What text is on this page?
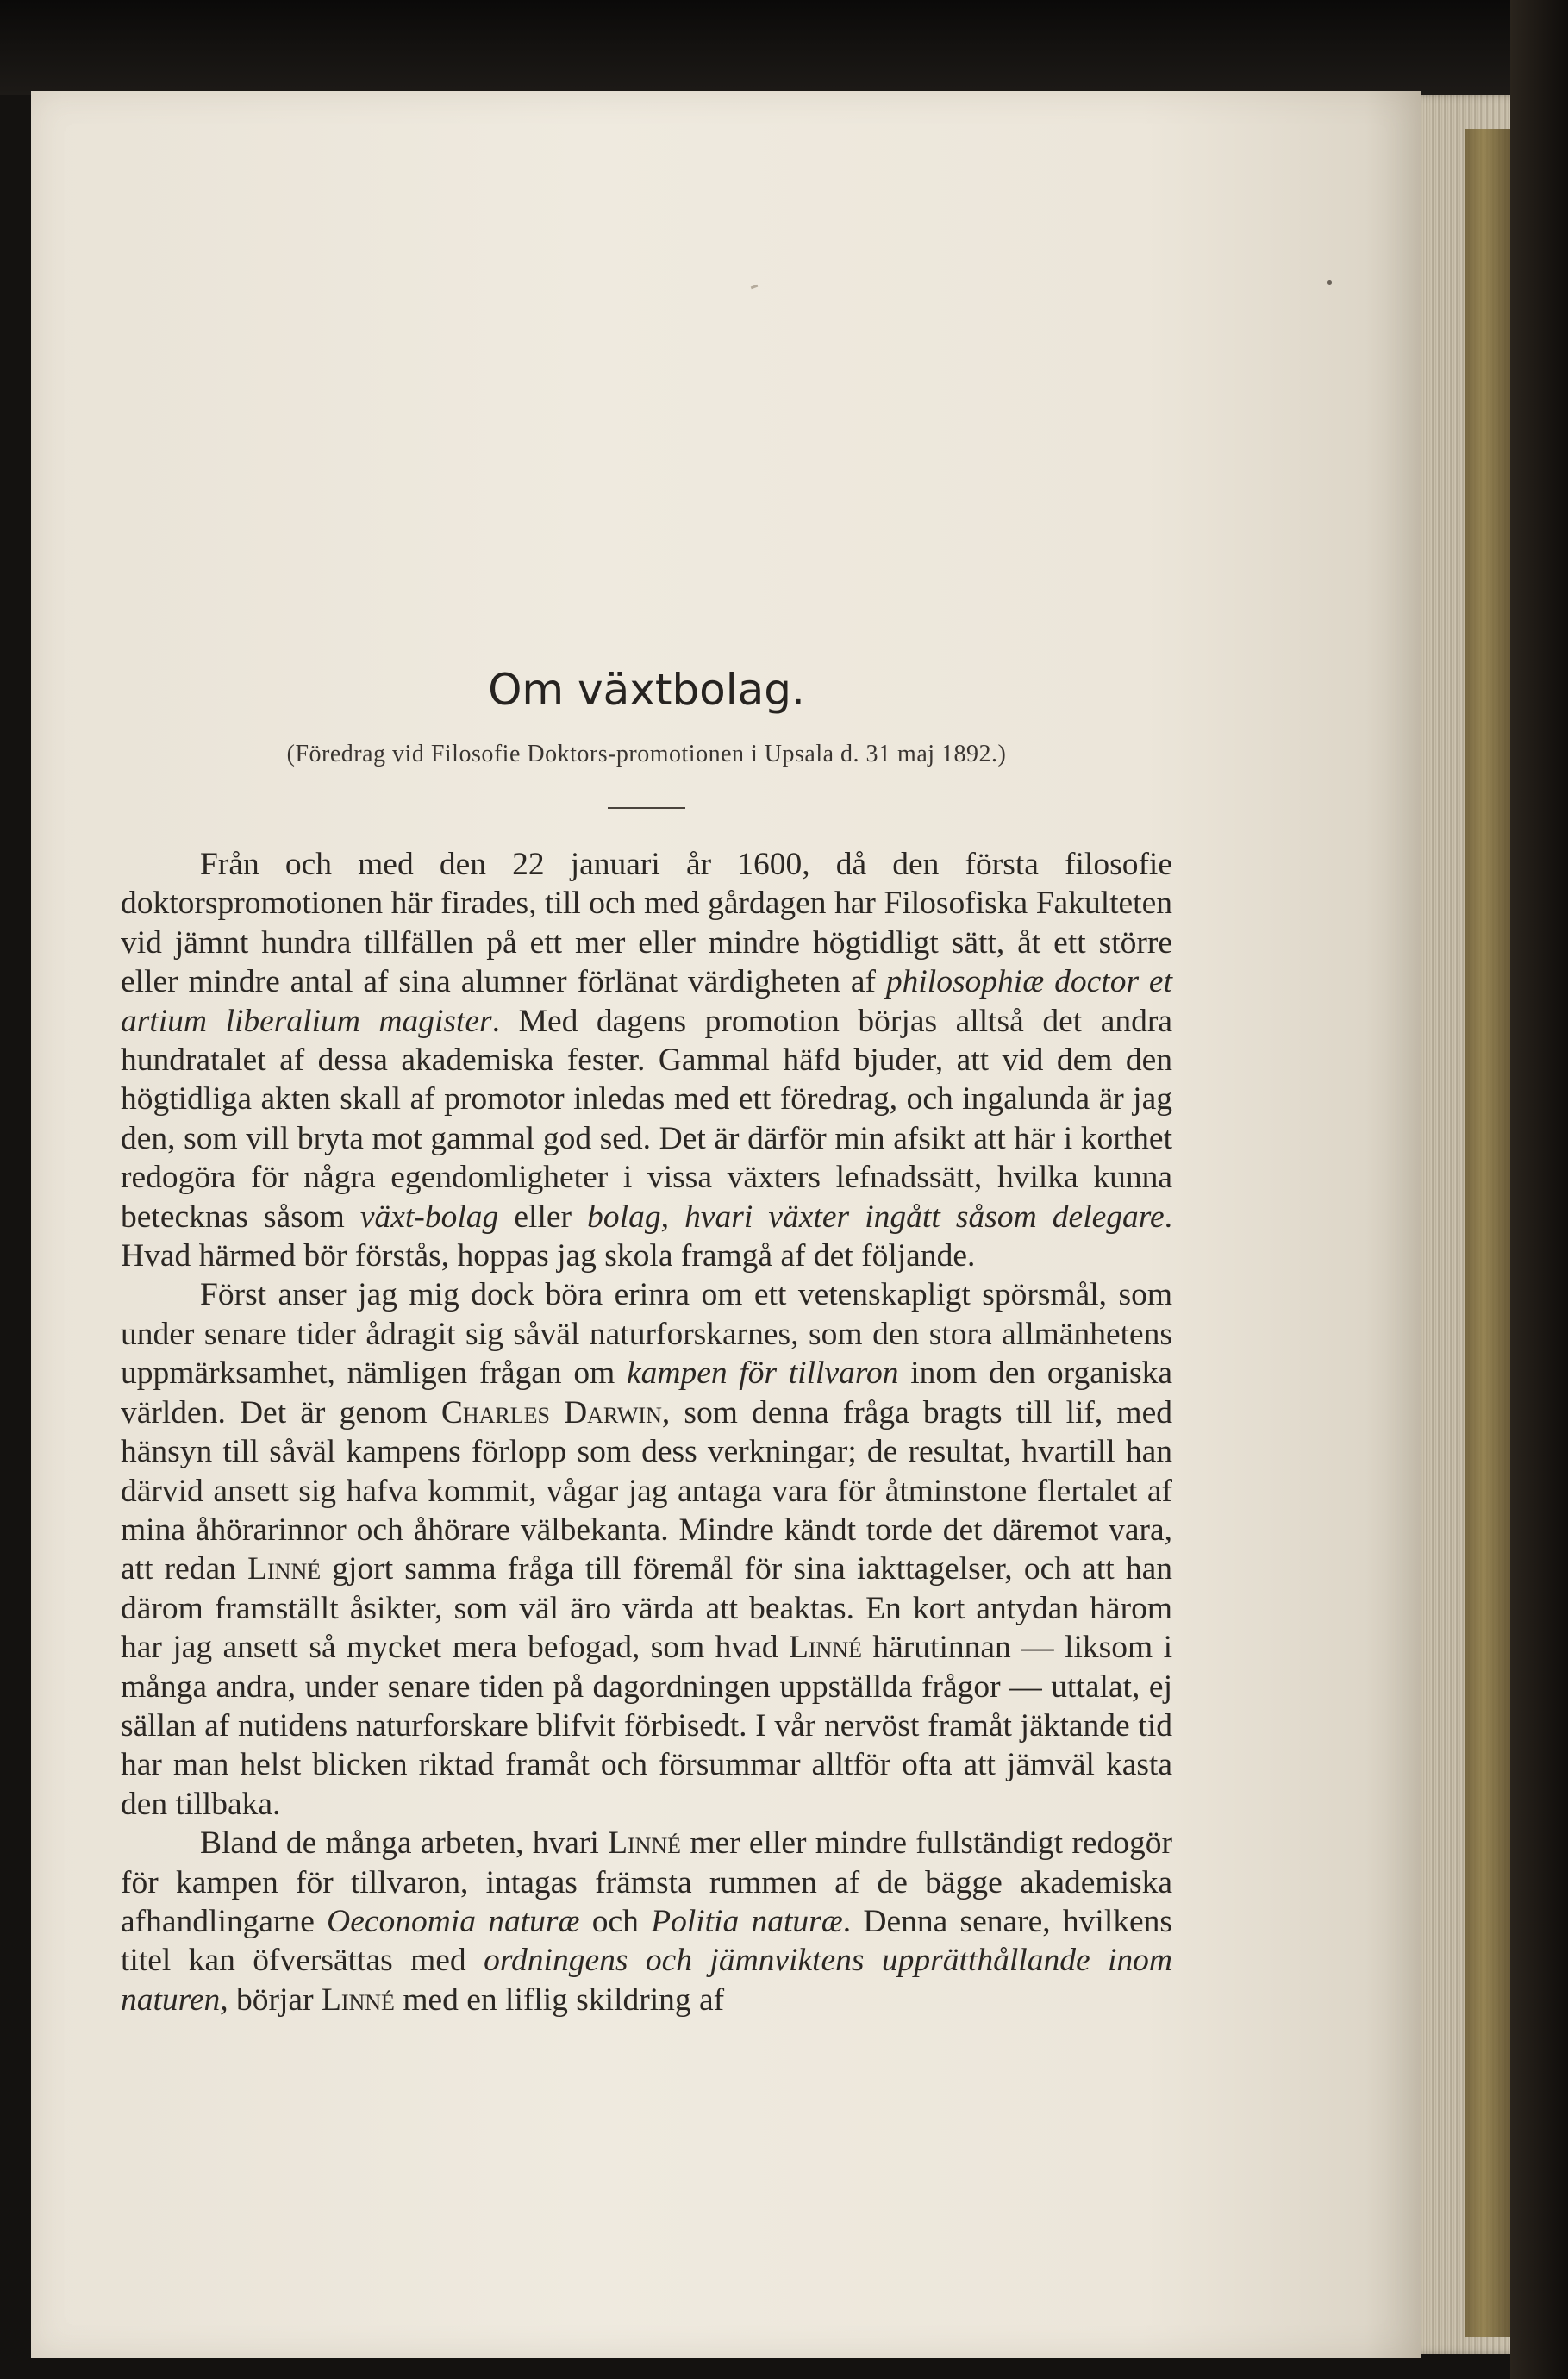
Om växtbolag.
(Föredrag vid Filosofie Doktors-promotionen i Upsala d. 31 maj 1892.)

Från och med den 22 januari år 1600, då den första filosofie doktorspromotionen här firades, till och med gårdagen har Filosofiska Fakulteten vid jämnt hundra tillfällen på ett mer eller mindre högtidligt sätt, åt ett större eller mindre antal af sina alumner förlänat värdigheten af philosophiæ doctor et artium liberalium magister. Med dagens promotion börjas alltså det andra hundratalet af dessa akademiska fester. Gammal häfd bjuder, att vid dem den högtidliga akten skall af promotor inledas med ett föredrag, och ingalunda är jag den, som vill bryta mot gammal god sed. Det är därför min afsikt att här i korthet redogöra för några egendomligheter i vissa växters lefnadssätt, hvilka kunna betecknas såsom växt-bolag eller bolag, hvari växter ingått såsom delegare. Hvad härmed bör förstås, hoppas jag skola framgå af det följande.

Först anser jag mig dock böra erinra om ett vetenskapligt spörsmål, som under senare tider ådragit sig såväl naturforskarnes, som den stora allmänhetens uppmärksamhet, nämligen frågan om kampen för tillvaron inom den organiska världen. Det är genom Charles Darwin, som denna fråga bragts till lif, med hänsyn till såväl kampens förlopp som dess verkningar; de resultat, hvartill han därvid ansett sig hafva kommit, vågar jag antaga vara för åtminstone flertalet af mina åhörarinnor och åhörare välbekanta. Mindre kändt torde det däremot vara, att redan Linné gjort samma fråga till föremål för sina iakttagelser, och att han därom framställt åsikter, som väl äro värda att beaktas. En kort antydan härom har jag ansett så mycket mera befogad, som hvad Linné härutinnan — liksom i många andra, under senare tiden på dagordningen uppställda frågor — uttalat, ej sällan af nutidens naturforskare blifvit förbisedt. I vår nervöst framåt jäktande tid har man helst blicken riktad framåt och försummar alltför ofta att jämväl kasta den tillbaka.

Bland de många arbeten, hvari Linné mer eller mindre fullständigt redogör för kampen för tillvaron, intagas främsta rummen af de bägge akademiska afhandlingarne Oeconomia naturæ och Politia naturæ. Denna senare, hvilkens titel kan öfversättas med ordningens och jämnviktens upprätthållande inom naturen, börjar Linné med en liflig skildring af
